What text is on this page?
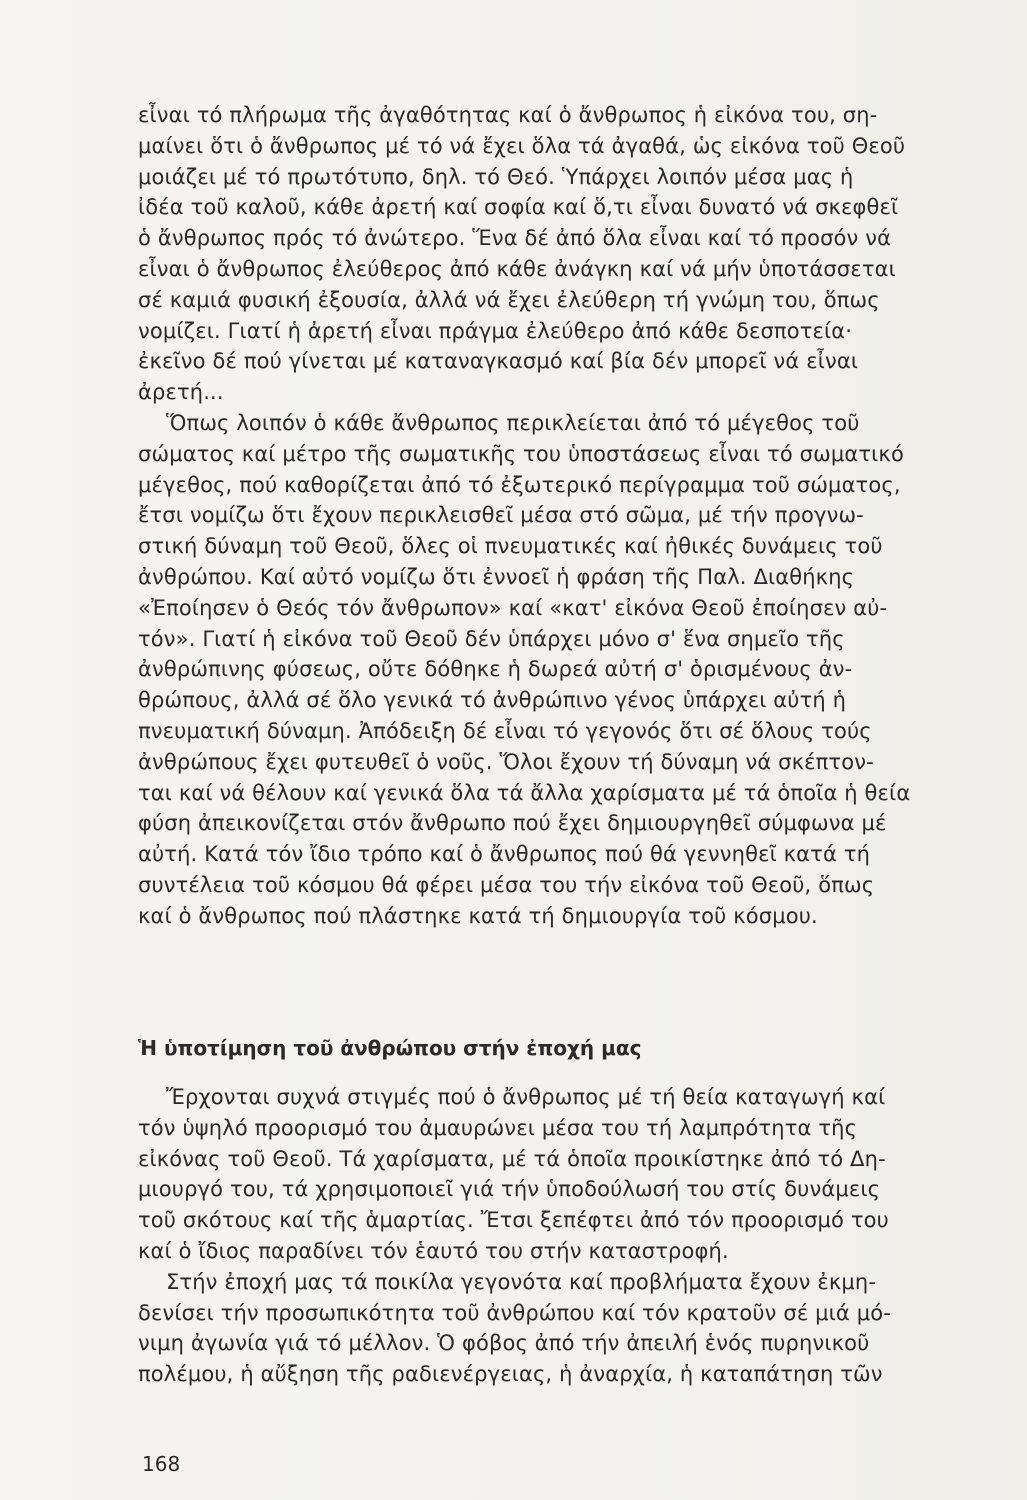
εἶναι τό πλήρωμα τῆς ἀγαθότητας καί ὁ ἄνθρωπος ἡ εἰκόνα του, ση-
μαίνει ὅτι ὁ ἄνθρωπος μέ τό νά ἔχει ὅλα τά ἀγαθά, ὡς εἰκόνα τοῦ Θεοῦ
μοιάζει μέ τό πρωτότυπο, δηλ. τό Θεό. Ὑπάρχει λοιπόν μέσα μας ἡ
ἰδέα τοῦ καλοῦ, κάθε ἀρετή καί σοφία καί ὅ,τι εἶναι δυνατό νά σκεφθεῖ
ὁ ἄνθρωπος πρός τό ἀνώτερο. Ἕνα δέ ἀπό ὅλα εἶναι καί τό προσόν νά
εἶναι ὁ ἄνθρωπος ἐλεύθερος ἀπό κάθε ἀνάγκη καί νά μήν ὑποτάσσεται
σέ καμιά φυσική ἐξουσία, ἀλλά νά ἔχει ἐλεύθερη τή γνώμη του, ὅπως
νομίζει. Γιατί ἡ ἀρετή εἶναι πράγμα ἐλεύθερο ἀπό κάθε δεσποτεία·
ἐκεῖνο δέ πού γίνεται μέ καταναγκασμό καί βία δέν μπορεῖ νά εἶναι
ἀρετή...
Ὅπως λοιπόν ὁ κάθε ἄνθρωπος περικλείεται ἀπό τό μέγεθος τοῦ
σώματος καί μέτρο τῆς σωματικῆς του ὑποστάσεως εἶναι τό σωματικό
μέγεθος, πού καθορίζεται ἀπό τό ἐξωτερικό περίγραμμα τοῦ σώματος,
ἔτσι νομίζω ὅτι ἔχουν περικλεισθεῖ μέσα στό σῶμα, μέ τήν προγνω-
στική δύναμη τοῦ Θεοῦ, ὅλες οἱ πνευματικές καί ἠθικές δυνάμεις τοῦ
ἀνθρώπου. Καί αὐτό νομίζω ὅτι ἐννοεῖ ἡ φράση τῆς Παλ. Διαθήκης
«Ἐποίησεν ὁ Θεός τόν ἄνθρωπον» καί «κατ' εἰκόνα Θεοῦ ἐποίησεν αὐ-
τόν». Γιατί ἡ εἰκόνα τοῦ Θεοῦ δέν ὑπάρχει μόνο σ' ἕνα σημεῖο τῆς
ἀνθρώπινης φύσεως, οὔτε δόθηκε ἡ δωρεά αὐτή σ' ὁρισμένους ἀν-
θρώπους, ἀλλά σέ ὅλο γενικά τό ἀνθρώπινο γένος ὑπάρχει αὐτή ἡ
πνευματική δύναμη. Ἀπόδειξη δέ εἶναι τό γεγονός ὅτι σέ ὅλους τούς
ἀνθρώπους ἔχει φυτευθεῖ ὁ νοῦς. Ὅλοι ἔχουν τή δύναμη νά σκέπτον-
ται καί νά θέλουν καί γενικά ὅλα τά ἄλλα χαρίσματα μέ τά ὁποῖα ἡ θεία
φύση ἀπεικονίζεται στόν ἄνθρωπο πού ἔχει δημιουργηθεῖ σύμφωνα μέ
αὐτή. Κατά τόν ἴδιο τρόπο καί ὁ ἄνθρωπος πού θά γεννηθεῖ κατά τή
συντέλεια τοῦ κόσμου θά φέρει μέσα του τήν εἰκόνα τοῦ Θεοῦ, ὅπως
καί ὁ ἄνθρωπος πού πλάστηκε κατά τή δημιουργία τοῦ κόσμου.
Ἡ ὑποτίμηση τοῦ ἀνθρώπου στήν ἐποχή μας
Ἔρχονται συχνά στιγμές πού ὁ ἄνθρωπος μέ τή θεία καταγωγή καί
τόν ὑψηλό προορισμό του ἀμαυρώνει μέσα του τή λαμπρότητα τῆς
εἰκόνας τοῦ Θεοῦ. Τά χαρίσματα, μέ τά ὁποῖα προικίστηκε ἀπό τό Δη-
μιουργό του, τά χρησιμοποιεῖ γιά τήν ὑποδούλωσή του στίς δυνάμεις
τοῦ σκότους καί τῆς ἁμαρτίας. Ἔτσι ξεπέφτει ἀπό τόν προορισμό του
καί ὁ ἴδιος παραδίνει τόν ἑαυτό του στήν καταστροφή.
Στήν ἐποχή μας τά ποικίλα γεγονότα καί προβλήματα ἔχουν ἐκμη-
δενίσει τήν προσωπικότητα τοῦ ἀνθρώπου καί τόν κρατοῦν σέ μιά μό-
νιμη ἀγωνία γιά τό μέλλον. Ὁ φόβος ἀπό τήν ἀπειλή ἑνός πυρηνικοῦ
πολέμου, ἡ αὔξηση τῆς ραδιενέργειας, ἡ ἀναρχία, ἡ καταπάτηση τῶν
168
